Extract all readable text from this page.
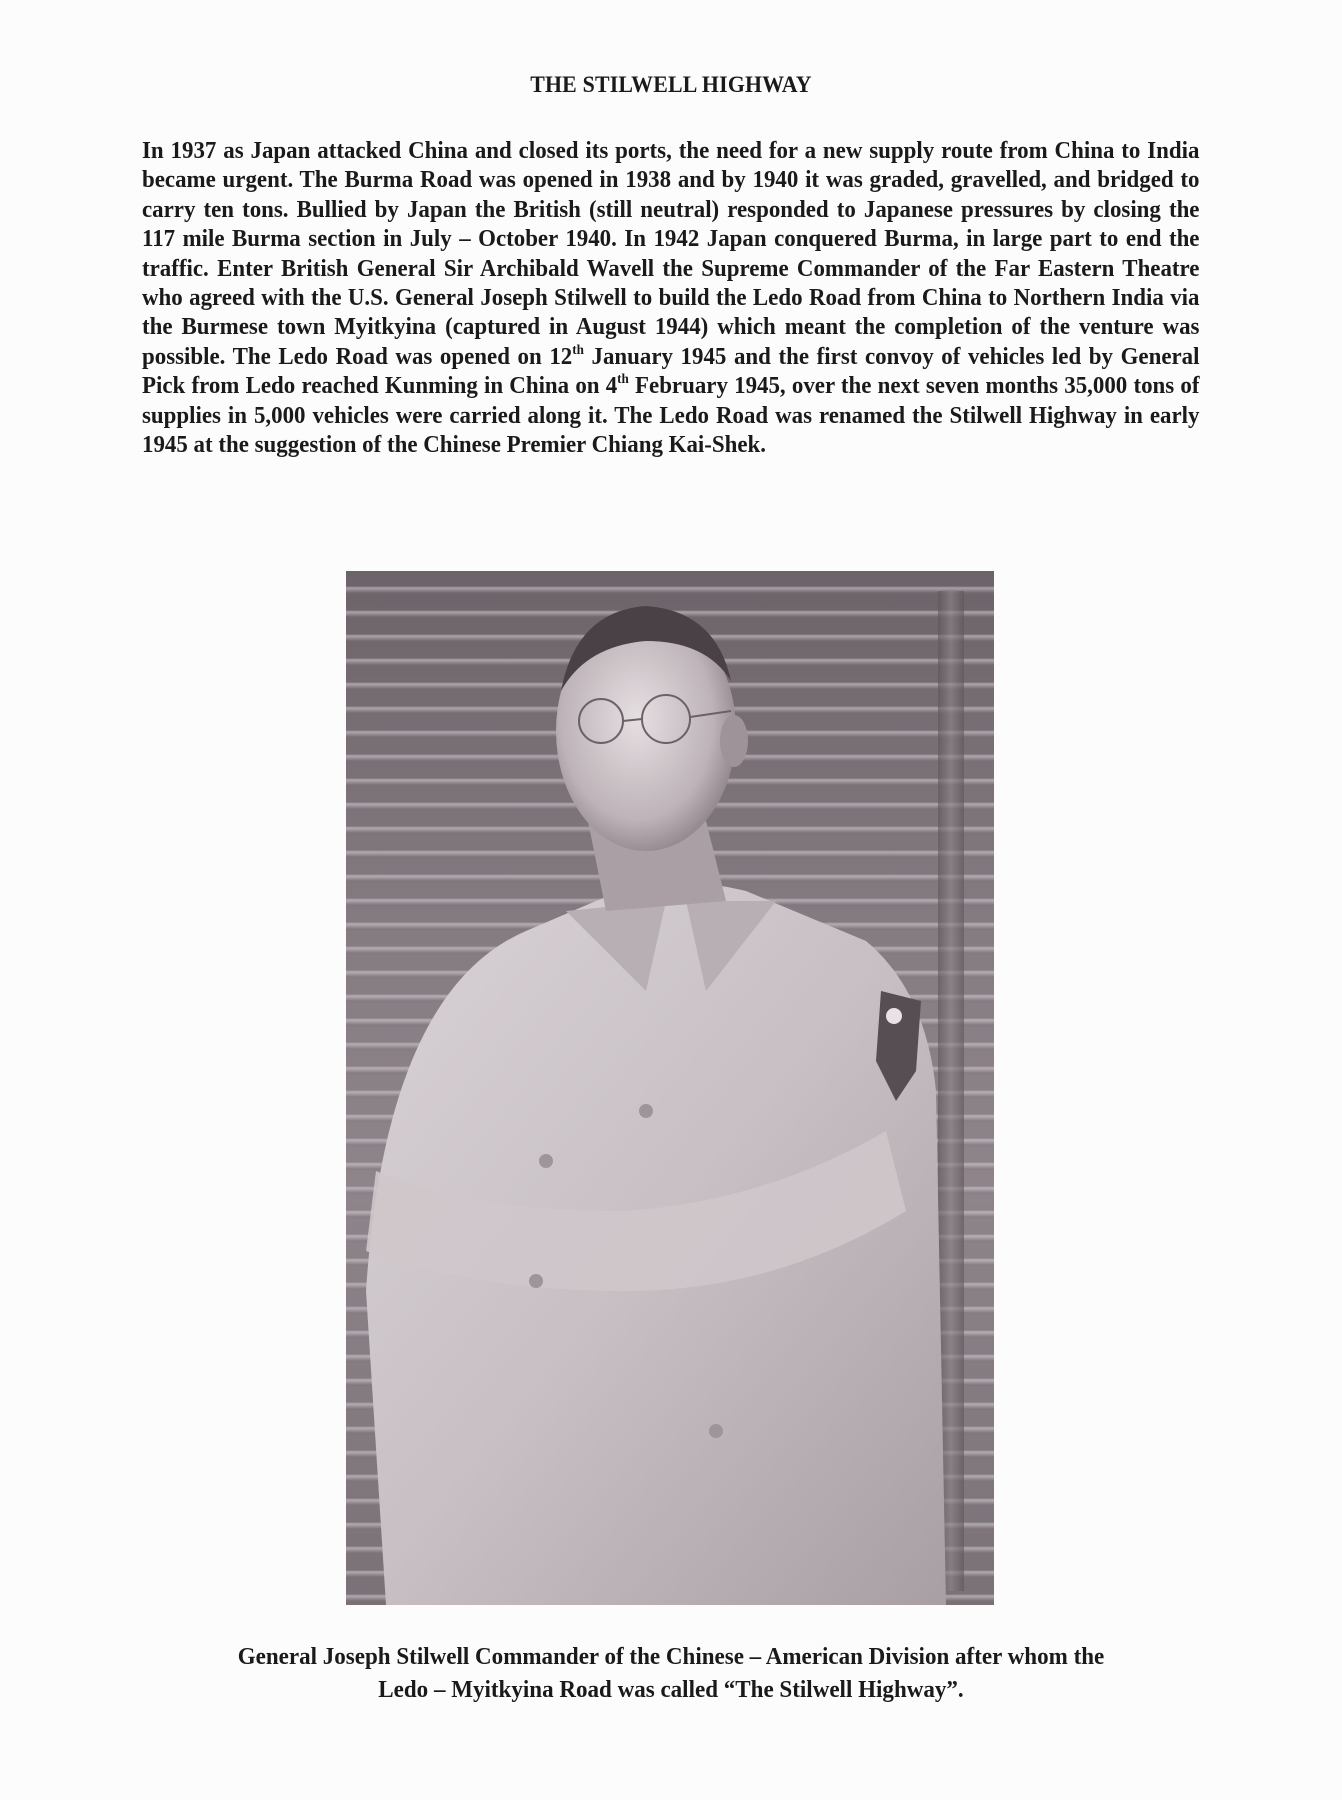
THE STILWELL HIGHWAY
In 1937 as Japan attacked China and closed its ports, the need for a new supply route from China to India became urgent. The Burma Road was opened in 1938 and by 1940 it was graded, gravelled, and bridged to carry ten tons. Bullied by Japan the British (still neutral) responded to Japanese pressures by closing the 117 mile Burma section in July – October 1940. In 1942 Japan conquered Burma, in large part to end the traffic. Enter British General Sir Archibald Wavell the Supreme Commander of the Far Eastern Theatre who agreed with the U.S. General Joseph Stilwell to build the Ledo Road from China to Northern India via the Burmese town Myitkyina (captured in August 1944) which meant the completion of the venture was possible. The Ledo Road was opened on 12th January 1945 and the first convoy of vehicles led by General Pick from Ledo reached Kunming in China on 4th February 1945, over the next seven months 35,000 tons of supplies in 5,000 vehicles were carried along it. The Ledo Road was renamed the Stilwell Highway in early 1945 at the suggestion of the Chinese Premier Chiang Kai-Shek.
General Joseph Stilwell Commander of the Chinese – American Division after whom the
Ledo – Myitkyina Road was called “The Stilwell Highway”.
